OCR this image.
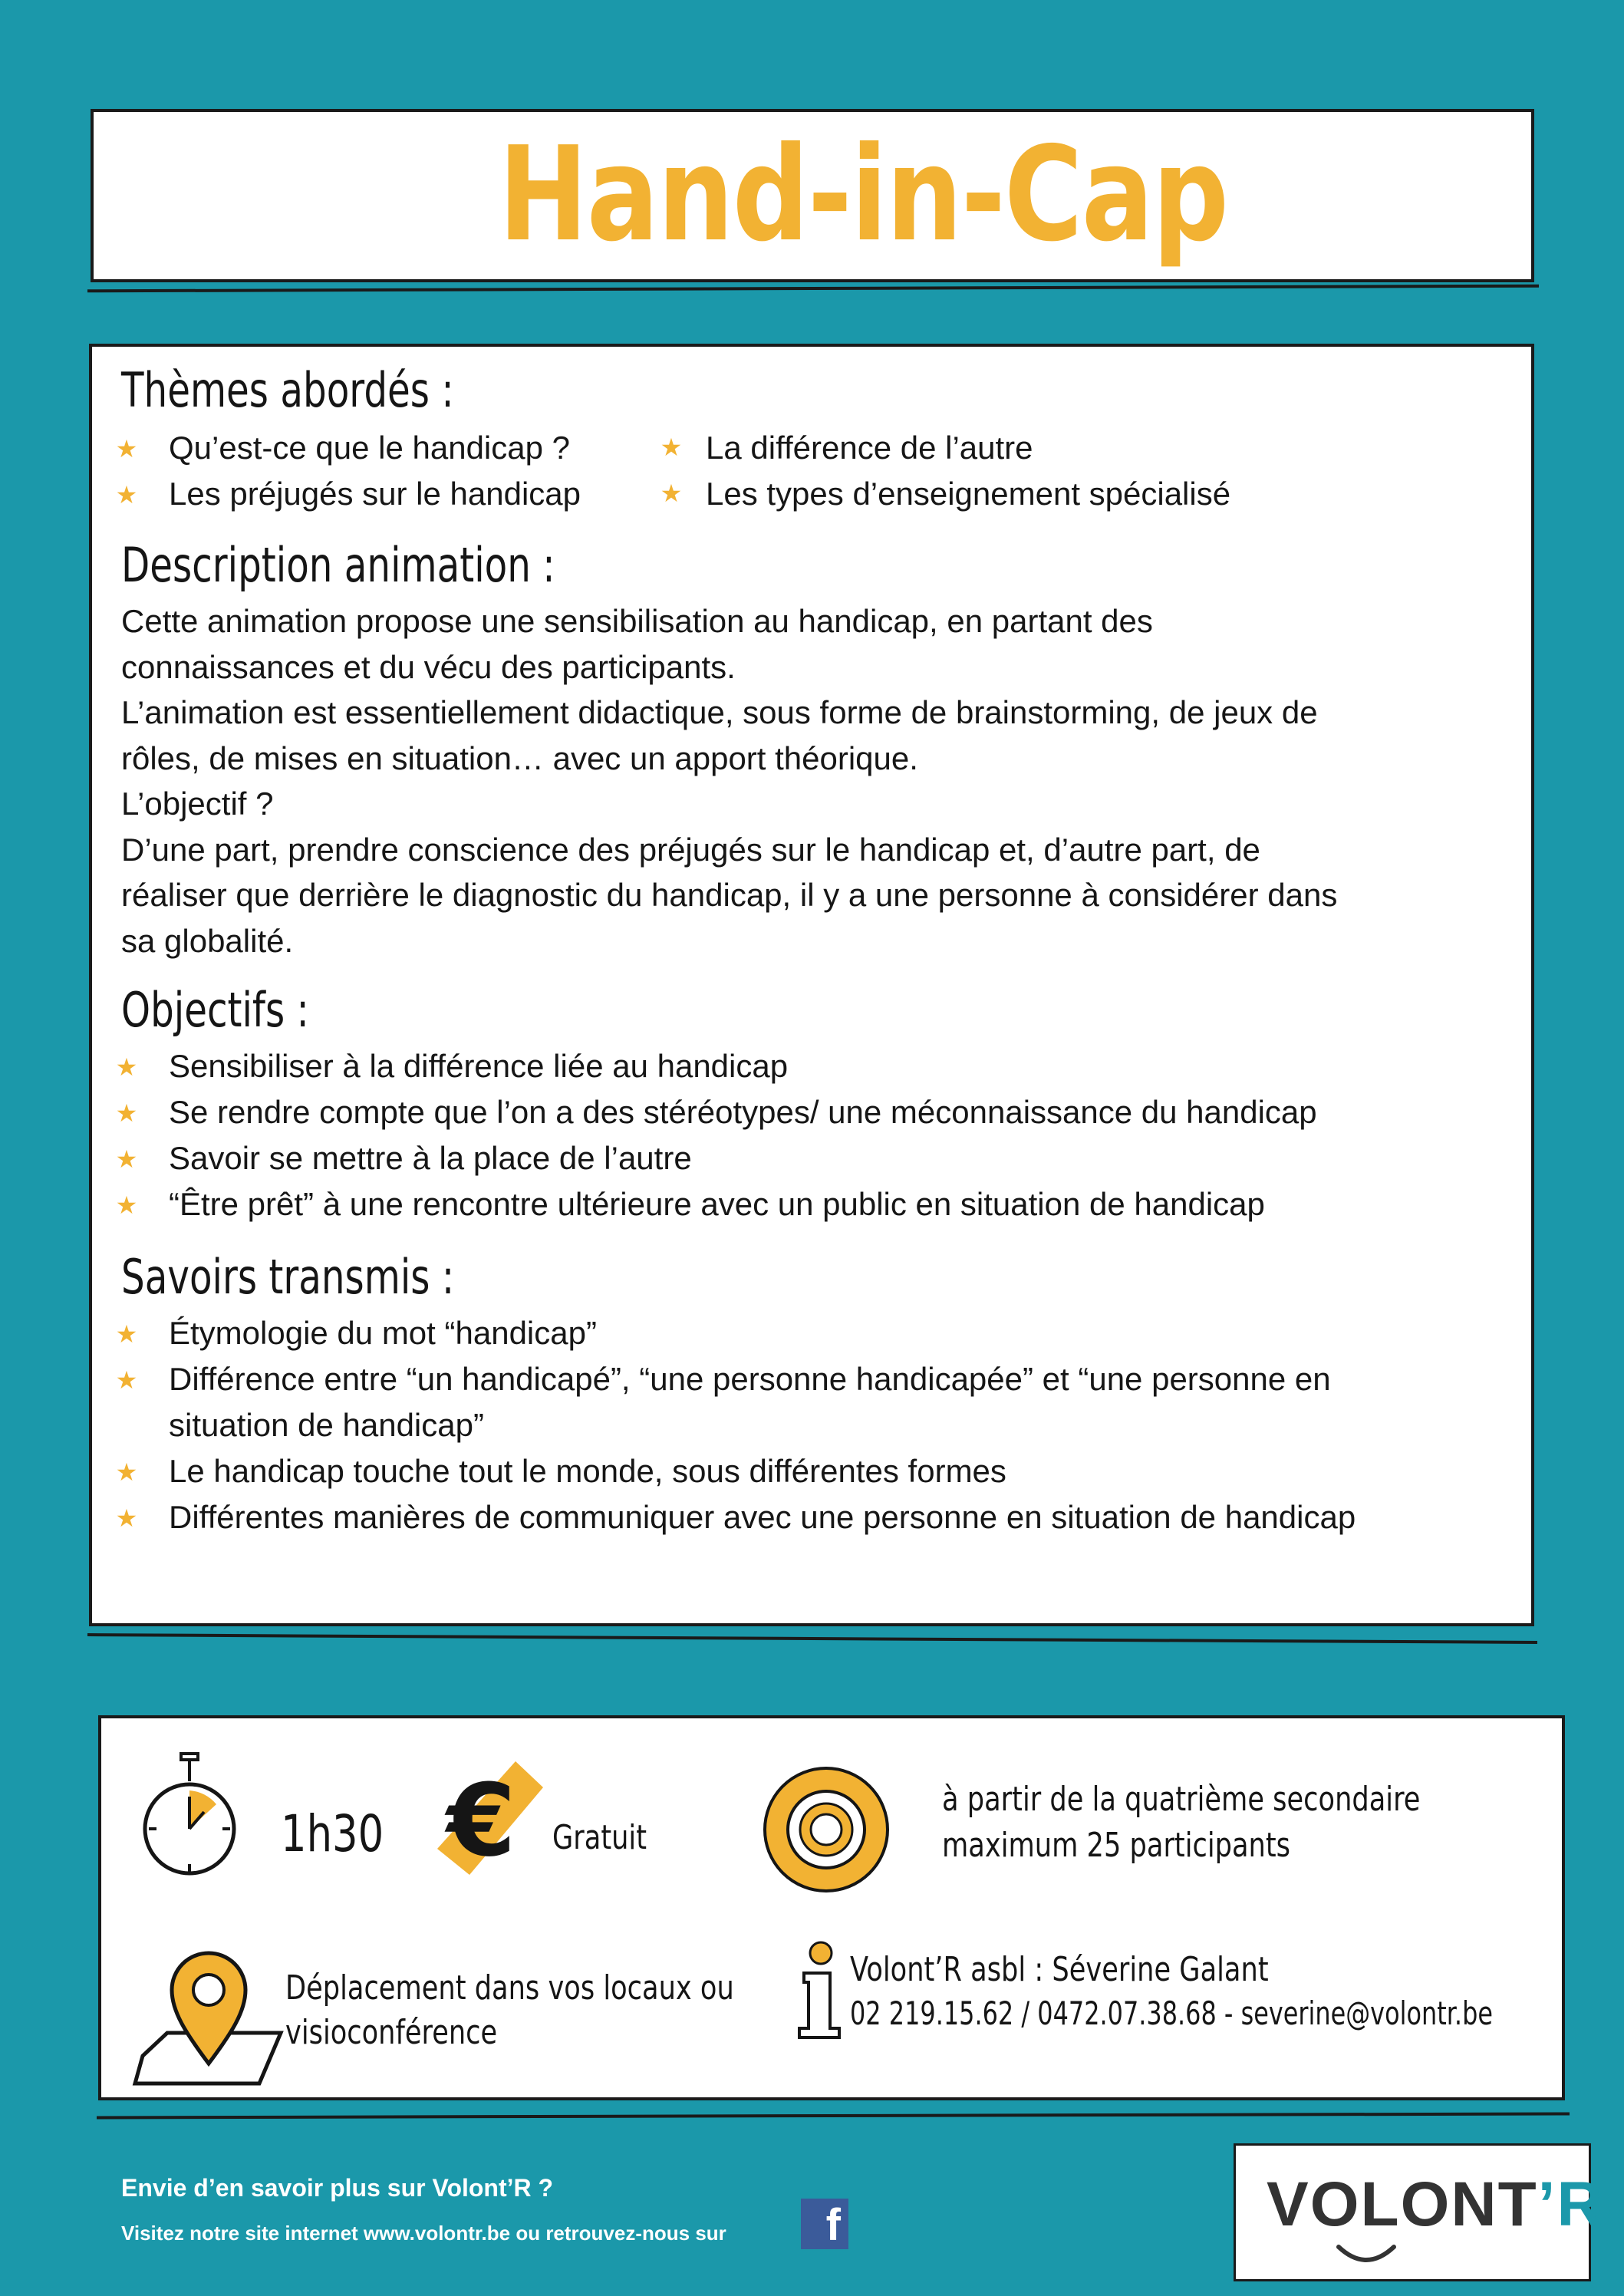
Hand-in-Cap
Thèmes abordés :
★ Qu’est-ce que le handicap ?	★ La différence de l’autre
★ Les préjugés sur le handicap	★ Les types d’enseignement spécialisé
Description animation :
Cette animation propose une sensibilisation au handicap, en partant des
connaissances et du vécu des participants.
L’animation est essentiellement didactique, sous forme de brainstorming, de jeux de
rôles, de mises en situation… avec un apport théorique.
L’objectif ?
D’une part, prendre conscience des préjugés sur le handicap et, d’autre part, de
réaliser que derrière le diagnostic du handicap, il y a une personne à considérer dans
sa globalité.
Objectifs :
★ Sensibiliser à la différence liée au handicap
★ Se rendre compte que l’on a des stéréotypes/ une méconnaissance du handicap
★ Savoir se mettre à la place de l’autre
★ “Être prêt” à une rencontre ultérieure avec un public en situation de handicap
Savoirs transmis :
★ Étymologie du mot “handicap”
★ Différence entre “un handicapé”, “une personne handicapée” et “une personne en
situation de handicap”
★ Le handicap touche tout le monde, sous différentes formes
★ Différentes manières de communiquer avec une personne en situation de handicap
1h30 € Gratuit
à partir de la quatrième secondaire
maximum 25 participants
Déplacement dans vos locaux ou
visioconférence
Volont’R asbl : Séverine Galant
02 219.15.62 / 0472.07.38.68 - severine@volontr.be
Envie d’en savoir plus sur Volont’R ?
Visitez notre site internet www.volontr.be ou retrouvez-nous sur	f	VOLONT’R
